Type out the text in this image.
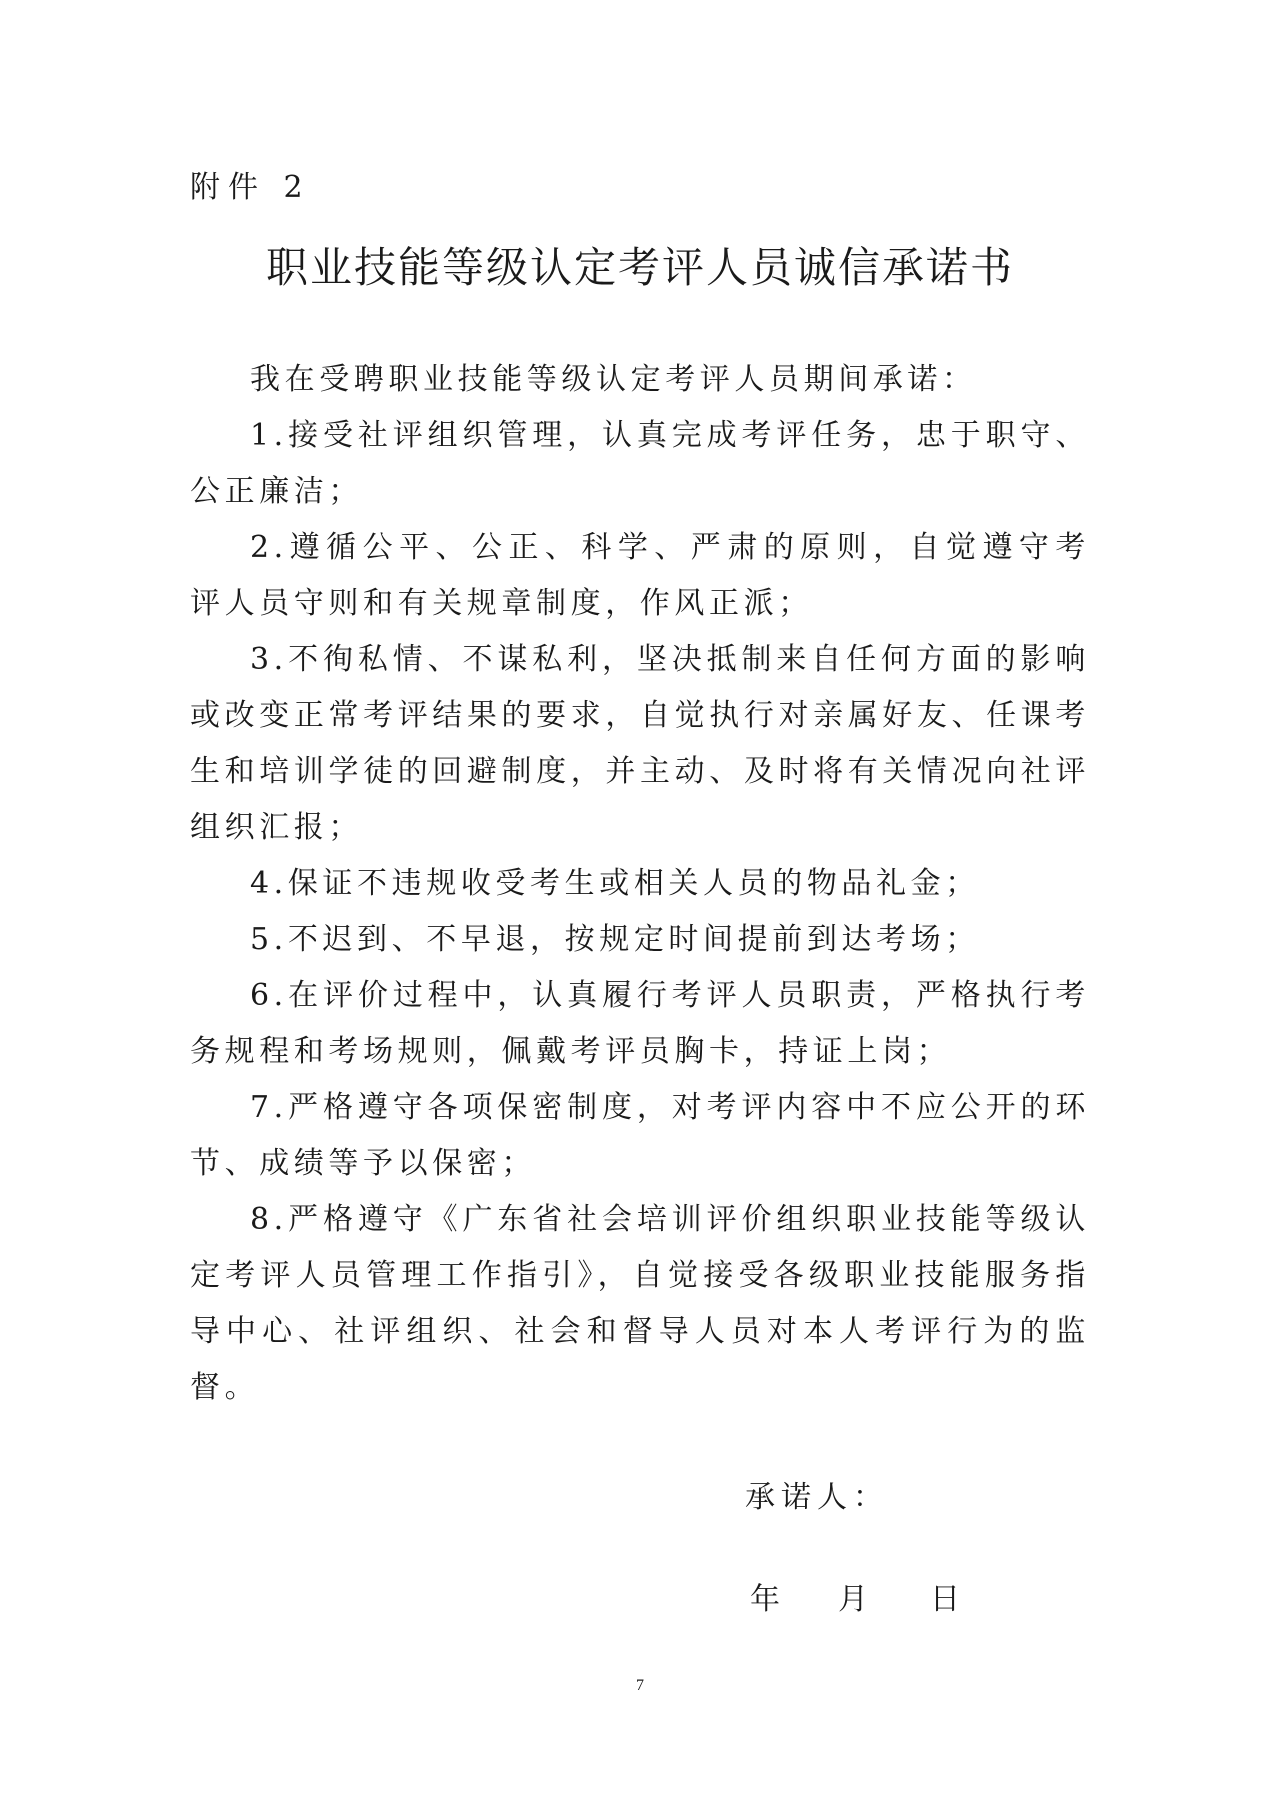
附件 2
职业技能等级认定考评人员诚信承诺书

我在受聘职业技能等级认定考评人员期间承诺：

1.接受社评组织管理，认真完成考评任务，忠于职守、公正廉洁；

2.遵循公平、公正、科学、严肃的原则，自觉遵守考 评人员守则和有关规章制度，作风正派；

3.不徇私情、不谋私利，坚决抵制来自任何方面的影响或改变正常考评结果的要求，自觉执行对亲属好友、任课考生和培训学徒的回避制度，并主动、及时将有关情况向社评组织汇报；

4.保证不违规收受考生或相关人员的物品礼金；

5.不迟到、不早退，按规定时间提前到达考场；

6.在评价过程中，认真履行考评人员职责，严格执行考务规程和考场规则，佩戴考评员胸卡，持证上岗；

7.严格遵守各项保密制度，对考评内容中不应公开的环节、成绩等予以保密；

8.严格遵守《广东省社会培训评价组织职业技能等级认定考评人员管理工作指引》，自觉接受各级职业技能服务指导中心、社评组织、社会和督导人员对本人考评行为的监督。

承诺人：
年 月 日
7
